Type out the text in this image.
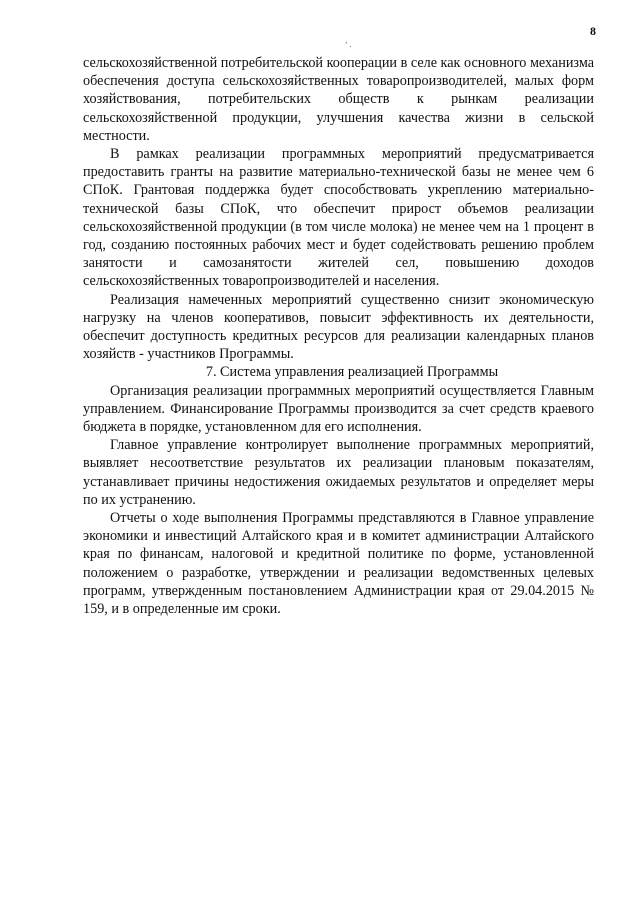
8
ʻ .

сельскохозяйственной потребительской кооперации в селе как основного механизма обеспечения доступа сельскохозяйственных товаропроизводителей, малых форм хозяйствования, потребительских обществ к рынкам реализации сельскохозяйственной продукции, улучшения качества жизни в сельской местности.

В рамках реализации программных мероприятий предусматривается предоставить гранты на развитие материально-технической базы не менее чем 6 СПоК. Грантовая поддержка будет способствовать укреплению материально-технической базы СПоК, что обеспечит прирост объемов реализации сельскохозяйственной продукции (в том числе молока) не менее чем на 1 процент в год, созданию постоянных рабочих мест и будет содействовать решению проблем занятости и самозанятости жителей сел, повышению доходов сельскохозяйственных товаропроизводителей и населения.

Реализация намеченных мероприятий существенно снизит экономическую нагрузку на членов кооперативов, повысит эффективность их деятельности, обеспечит доступность кредитных ресурсов для реализации календарных планов хозяйств - участников Программы.

7. Система управления реализацией Программы

Организация реализации программных мероприятий осуществляется Главным управлением. Финансирование Программы производится за счет средств краевого бюджета в порядке, установленном для его исполнения.

Главное управление контролирует выполнение программных мероприятий, выявляет несоответствие результатов их реализации плановым показателям, устанавливает причины недостижения ожидаемых результатов и определяет меры по их устранению.

Отчеты о ходе выполнения Программы представляются в Главное управление экономики и инвестиций Алтайского края и в комитет администрации Алтайского края по финансам, налоговой и кредитной политике по форме, установленной положением о разработке, утверждении и реализации ведомственных целевых программ, утвержденным постановлением Администрации края от 29.04.2015 № 159, и в определенные им сроки.
